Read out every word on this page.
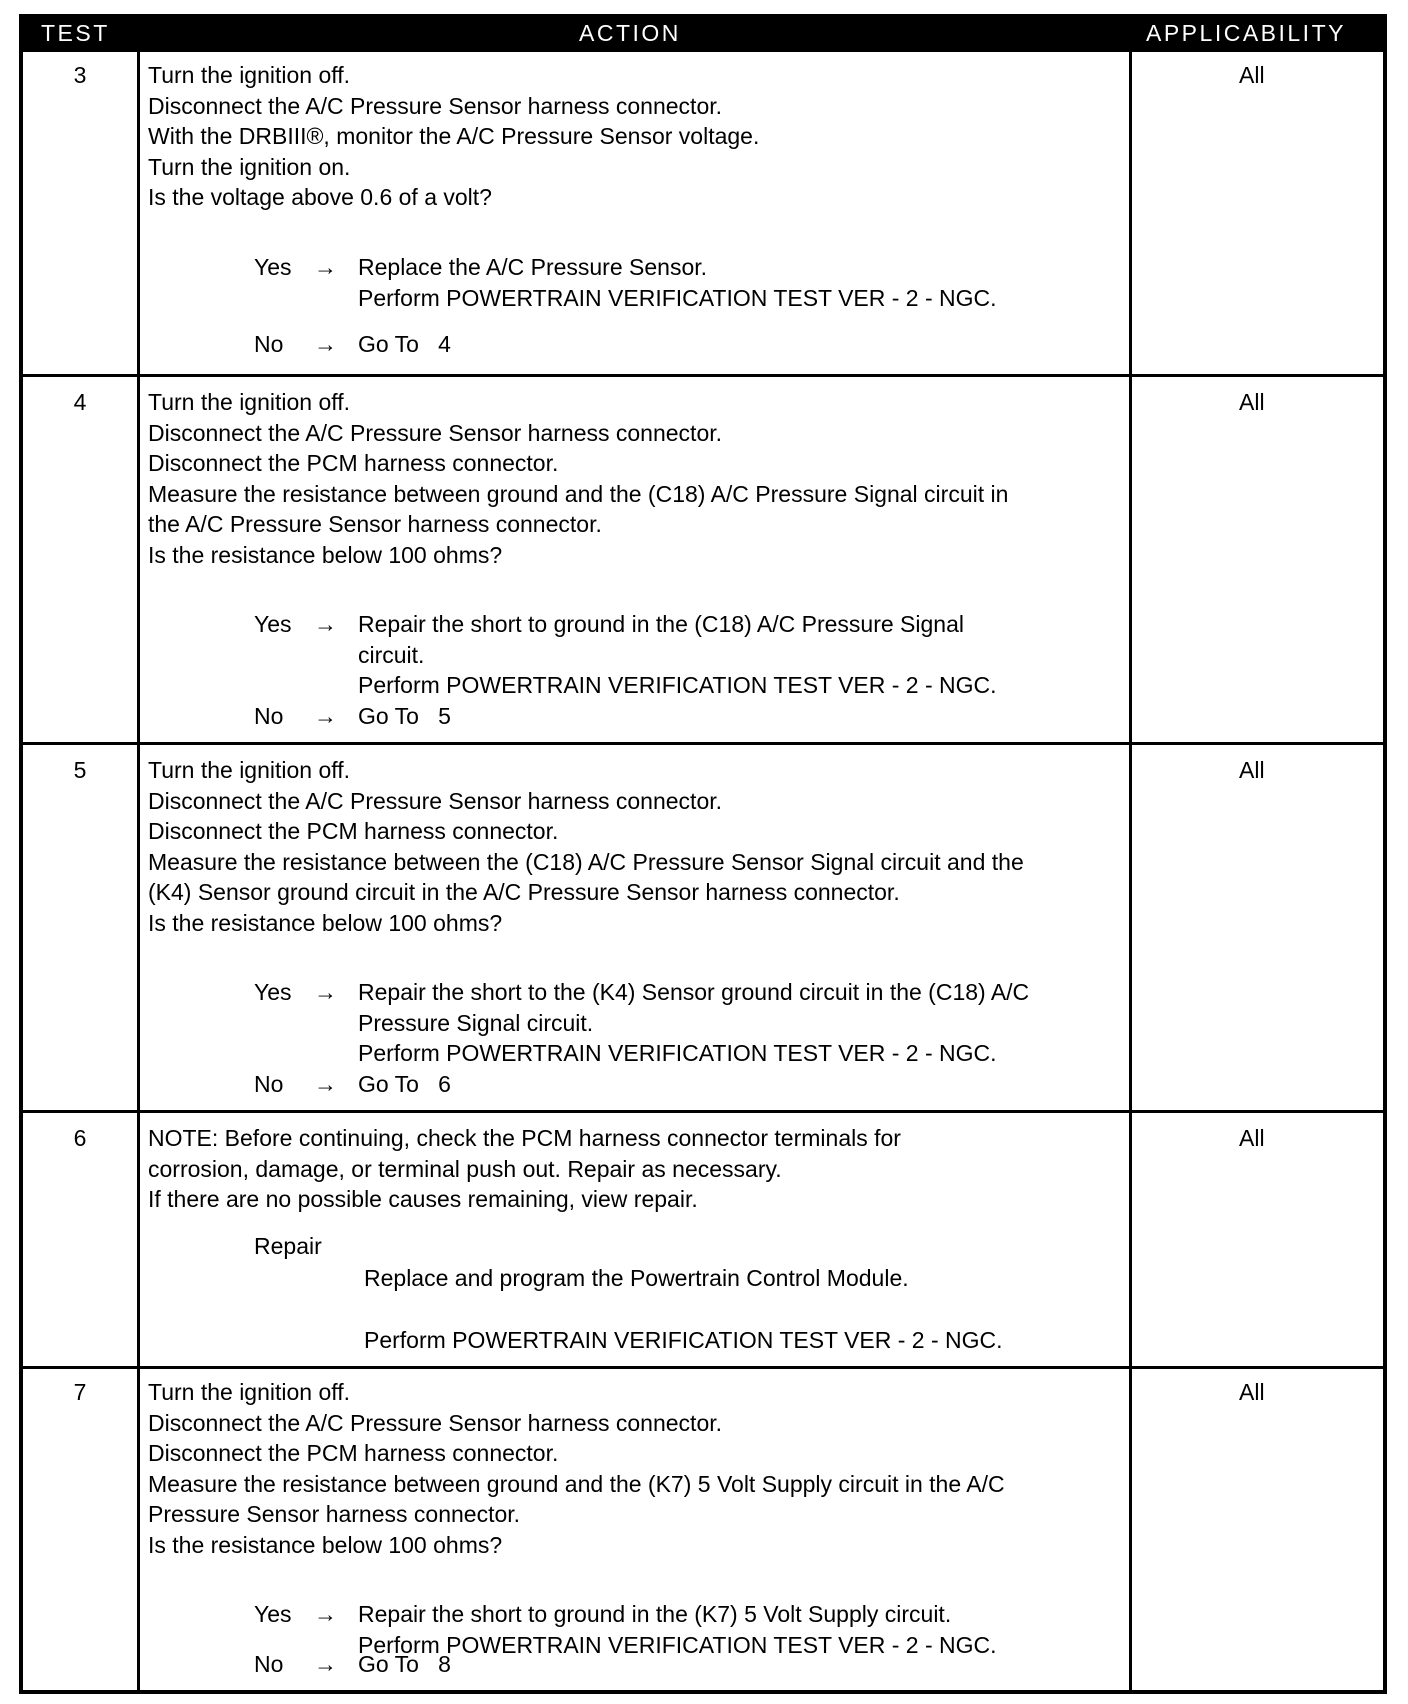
TEST	ACTION	APPLICABILITY
3	Turn the ignition off.

Disconnect the A/C Pressure Sensor harness connector.

With the DRBIII®, monitor the A/C Pressure Sensor voltage.

Turn the ignition on.

Is the voltage above 0.6 of a volt?

Yes → Replace the A/C Pressure Sensor.

Perform POWERTRAIN VERIFICATION TEST VER - 2 - NGC.

No → Go To   4
All
4	Turn the ignition off.

Disconnect the A/C Pressure Sensor harness connector.

Disconnect the PCM harness connector.

Measure the resistance between ground and the (C18) A/C Pressure Signal circuit in

the A/C Pressure Sensor harness connector.

Is the resistance below 100 ohms?

Yes → Repair the short to ground in the (C18) A/C Pressure Signal

circuit.

Perform POWERTRAIN VERIFICATION TEST VER - 2 - NGC.

No → Go To   5
All
5	Turn the ignition off.

Disconnect the A/C Pressure Sensor harness connector.

Disconnect the PCM harness connector.

Measure the resistance between the (C18) A/C Pressure Sensor Signal circuit and the

(K4) Sensor ground circuit in the A/C Pressure Sensor harness connector.

Is the resistance below 100 ohms?

Yes → Repair the short to the (K4) Sensor ground circuit in the (C18) A/C

Pressure Signal circuit.

Perform POWERTRAIN VERIFICATION TEST VER - 2 - NGC.

No → Go To   6
All
6	NOTE: Before continuing, check the PCM harness connector terminals for

corrosion, damage, or terminal push out. Repair as necessary.

If there are no possible causes remaining, view repair.

Repair
Replace and program the Powertrain Control Module.
Perform POWERTRAIN VERIFICATION TEST VER - 2 - NGC.
All
7	Turn the ignition off.

Disconnect the A/C Pressure Sensor harness connector.

Disconnect the PCM harness connector.

Measure the resistance between ground and the (K7) 5 Volt Supply circuit in the A/C

Pressure Sensor harness connector.

Is the resistance below 100 ohms?

Yes → Repair the short to ground in the (K7) 5 Volt Supply circuit.

Perform POWERTRAIN VERIFICATION TEST VER - 2 - NGC.

No → Go To   8
All
